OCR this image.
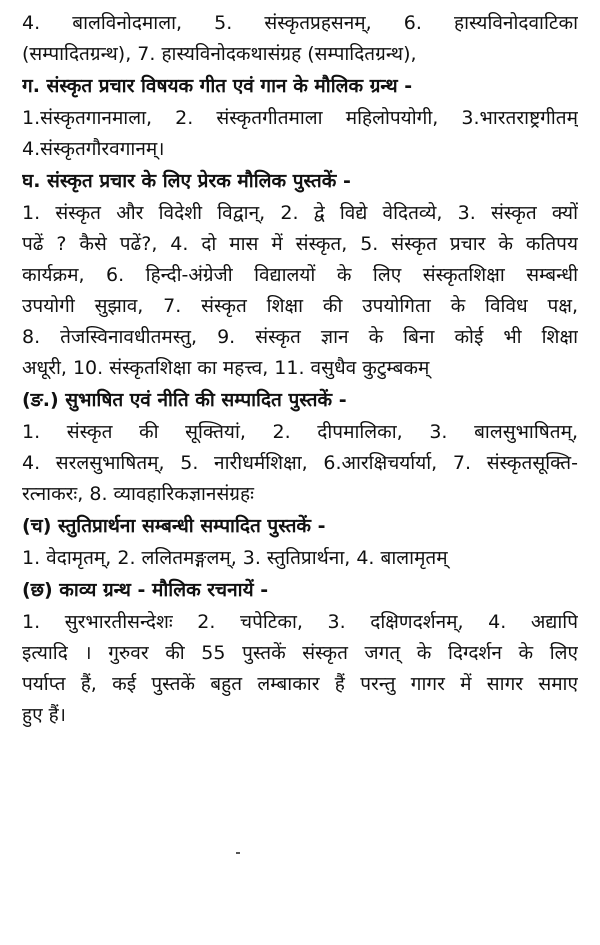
4. बालविनोदमाला, 5. संस्कृतप्रहसनम्, 6. हास्यविनोदवाटिका
(सम्पादितग्रन्थ), 7. हास्यविनोदकथासंग्रह (सम्पादितग्रन्थ),
ग. संस्कृत प्रचार विषयक गीत एवं गान के मौलिक ग्रन्थ -
1.संस्कृतगानमाला, 2. संस्कृतगीतमाला महिलोपयोगी, 3.भारतराष्ट्रगीतम्
4.संस्कृतगौरवगानम्।
घ. संस्कृत प्रचार के लिए प्रेरक मौलिक पुस्तकें -
1. संस्कृत और विदेशी विद्वान्, 2. द्वे विद्ये वेदितव्ये, 3. संस्कृत क्यों
पढें ? कैसे पढें?, 4. दो मास में संस्कृत, 5. संस्कृत प्रचार के कतिपय
कार्यक्रम, 6. हिन्दी-अंग्रेजी विद्यालयों के लिए संस्कृतशिक्षा सम्बन्धी
उपयोगी सुझाव, 7. संस्कृत शिक्षा की उपयोगिता के विविध पक्ष,
8. तेजस्विनावधीतमस्तु, 9. संस्कृत ज्ञान के बिना कोई भी शिक्षा
अधूरी, 10. संस्कृतशिक्षा का महत्त्व, 11. वसुधैव कुटुम्बकम्
(ङ.) सुभाषित एवं नीति की सम्पादित पुस्तकें -
1. संस्कृत की सूक्तियां, 2. दीपमालिका, 3. बालसुभाषितम्,
4. सरलसुभाषितम्, 5. नारीधर्मशिक्षा, 6.आरक्षिचर्यार्या, 7. संस्कृतसूक्ति-
रत्नाकरः, 8. व्यावहारिकज्ञानसंग्रहः
(च) स्तुतिप्रार्थना सम्बन्धी सम्पादित पुस्तकें -
1. वेदामृतम्, 2. ललितमङ्गलम्, 3. स्तुतिप्रार्थना, 4. बालामृतम्
(छ) काव्य ग्रन्थ - मौलिक रचनायें -
1. सुरभारतीसन्देशः 2. चपेटिका, 3. दक्षिणदर्शनम्, 4. अद्यापि
इत्यादि । गुरुवर की 55 पुस्तकें संस्कृत जगत् के दिग्दर्शन के लिए
पर्याप्त हैं, कई पुस्तकें बहुत लम्बाकार हैं परन्तु गागर में सागर समाए
हुए हैं।
